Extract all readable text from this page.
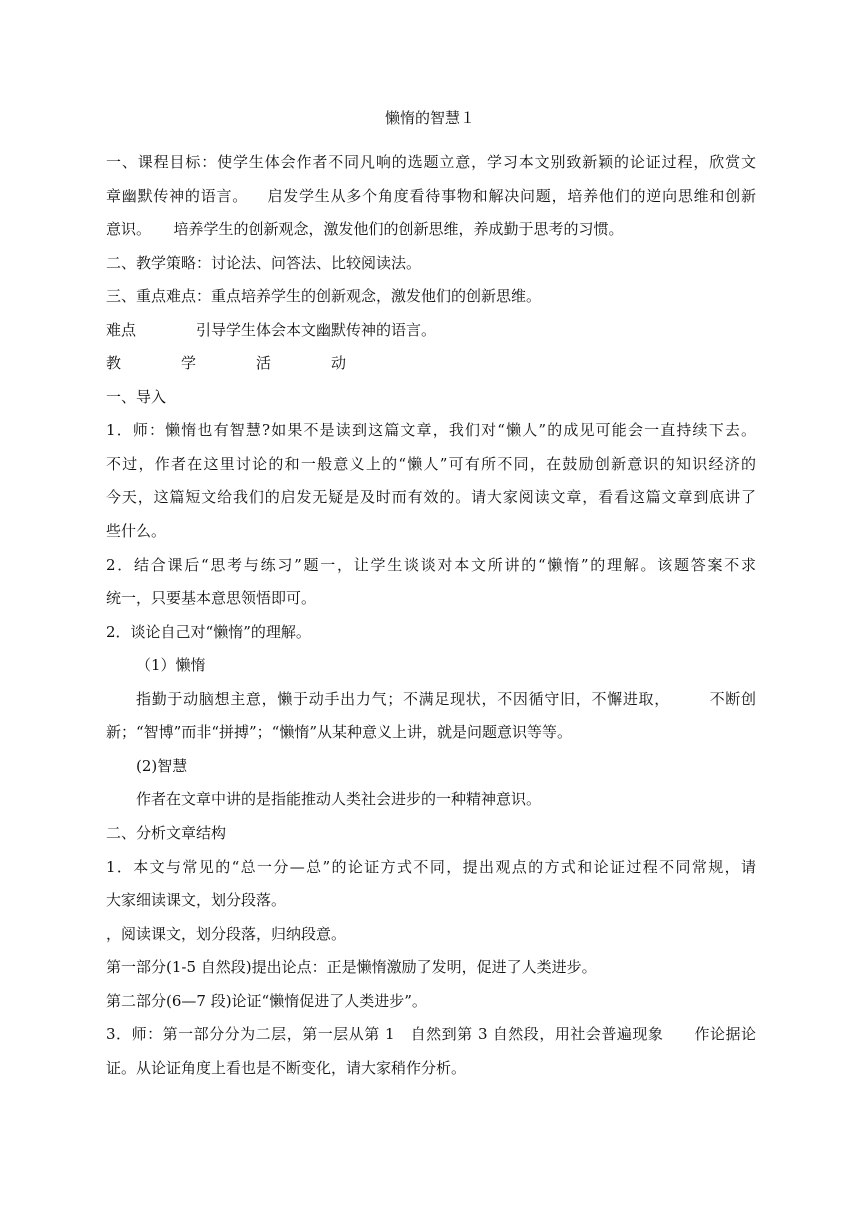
懒惰的智慧１
一、课程目标：使学生体会作者不同凡响的选题立意，学习本文别致新颖的论证过程，欣赏文
章幽默传神的语言。　  启发学生从多个角度看待事物和解决问题，培养他们的逆向思维和创新
意识。　　培养学生的创新观念，激发他们的创新思维，养成勤于思考的习惯。
二、教学策略：讨论法、问答法、比较阅读法。
三、重点难点：重点培养学生的创新观念，激发他们的创新思维。
难点　　　　引导学生体会本文幽默传神的语言。
教　　　　学　　　　活　　　　动
一、导入
1．师：懒惰也有智慧?如果不是读到这篇文章，我们对“懒人”的成见可能会一直持续下去。
不过，作者在这里讨论的和一般意义上的“懒人”可有所不同，在鼓励创新意识的知识经济的
今天，这篇短文给我们的启发无疑是及时而有效的。请大家阅读文章，看看这篇文章到底讲了
些什么。
2．结合课后“思考与练习”题一，让学生谈谈对本文所讲的“懒惰”的理解。该题答案不求
统一，只要基本意思领悟即可。
2．谈论自己对“懒惰”的理解。
（1）懒惰
指勤于动脑想主意，懒于动手出力气；不满足现状，不因循守旧，不懈进取，　　　不断创
新；“智博”而非“拼搏”；“懒惰”从某种意义上讲，就是问题意识等等。
(2)智慧
作者在文章中讲的是指能推动人类社会进步的一种精神意识。
二、分析文章结构
1．本文与常见的“总一分—总”的论证方式不同，提出观点的方式和论证过程不同常规，请
大家细读课文，划分段落。
，阅读课文，划分段落，归纳段意。
第一部分(1-5 自然段)提出论点：正是懒惰激励了发明，促进了人类进步。
第二部分(6—7 段)论证“懒惰促进了人类进步”。
3．师：第一部分分为二层，第一层从第 1　自然到第 3 自然段，用社会普遍现象　　作论据论
证。从论证角度上看也是不断变化，请大家稍作分析。
